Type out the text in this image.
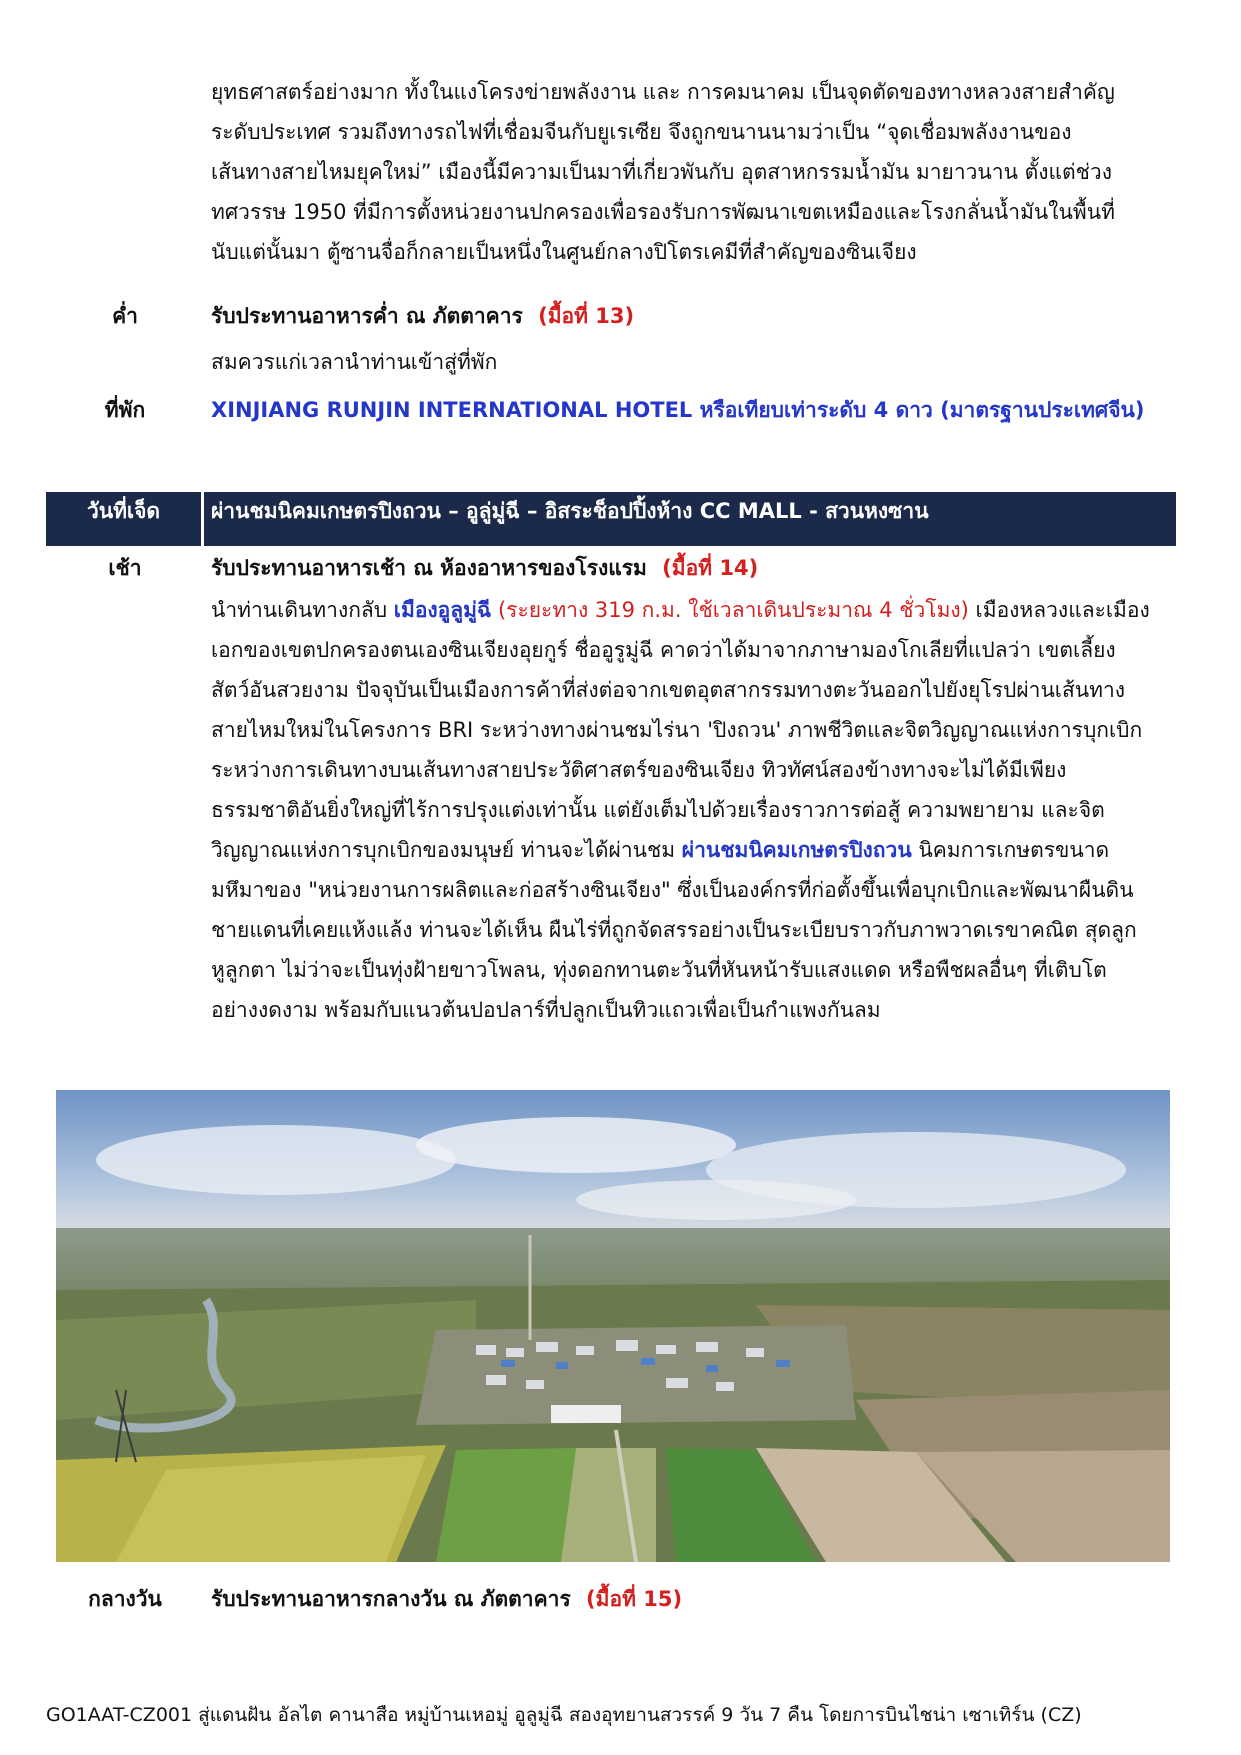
ยุทธศาสตร์อย่างมาก ทั้งในแงโครงข่ายพลังงาน และ การคมนาคม เป็นจุดตัดของทางหลวงสายสำคัญ
ระดับประเทศ รวมถึงทางรถไฟที่เชื่อมจีนกับยูเรเซีย จึงถูกขนานนามว่าเป็น “จุดเชื่อมพลังงานของ
เส้นทางสายไหมยุคใหม่” เมืองนี้มีความเป็นมาที่เกี่ยวพันกับ อุตสาหกรรมน้ำมัน มายาวนาน ตั้งแต่ช่วง
ทศวรรษ 1950 ที่มีการตั้งหน่วยงานปกครองเพื่อรองรับการพัฒนาเขตเหมืองและโรงกลั่นน้ำมันในพื้นที่
นับแต่นั้นมา ตู้ซานจื่อก็กลายเป็นหนึ่งในศูนย์กลางปิโตรเคมีที่สำคัญของซินเจียง
ค่ำ	รับประทานอาหารค่ำ ณ ภัตตาคาร (มื้อที่ 13)
สมควรแก่เวลานำท่านเข้าสู่ที่พัก
ที่พัก	XINJIANG RUNJIN INTERNATIONAL HOTEL หรือเทียบเท่าระดับ 4 ดาว (มาตรฐานประเทศจีน)
วันที่เจ็ด	ผ่านชมนิคมเกษตรปิงถวน – อูลู่มู่ฉี – อิสระช็อปปิ้งห้าง CC MALL - สวนหงซาน
เช้า	รับประทานอาหารเช้า ณ ห้องอาหารของโรงแรม (มื้อที่ 14)
นำท่านเดินทางกลับ เมืองอูลูมู่ฉี (ระยะทาง 319 ก.ม. ใช้เวลาเดินประมาณ 4 ชั่วโมง) เมืองหลวงและเมือง
เอกของเขตปกครองตนเองซินเจียงอุยกูร์ ชื่ออูรูมู่ฉี คาดว่าได้มาจากภาษามองโกเลียที่แปลว่า เขตเลี้ยง
สัตว์อันสวยงาม ปัจจุบันเป็นเมืองการค้าที่ส่งต่อจากเขตอุตสากรรมทางตะวันออกไปยังยุโรปผ่านเส้นทาง
สายไหมใหม่ในโครงการ BRI ระหว่างทางผ่านชมไร่นา 'ปิงถวน' ภาพชีวิตและจิตวิญญาณแห่งการบุกเบิก
ระหว่างการเดินทางบนเส้นทางสายประวัติศาสตร์ของซินเจียง ทิวทัศน์สองข้างทางจะไม่ได้มีเพียง
ธรรมชาติอันยิ่งใหญ่ที่ไร้การปรุงแต่งเท่านั้น แต่ยังเต็มไปด้วยเรื่องราวการต่อสู้ ความพยายาม และจิต
วิญญาณแห่งการบุกเบิกของมนุษย์ ท่านจะได้ผ่านชม ผ่านชมนิคมเกษตรปิงถวน นิคมการเกษตรขนาด
มหึมาของ "หน่วยงานการผลิตและก่อสร้างซินเจียง" ซึ่งเป็นองค์กรที่ก่อตั้งขึ้นเพื่อบุกเบิกและพัฒนาผืนดิน
ชายแดนที่เคยแห้งแล้ง ท่านจะได้เห็น ผืนไร่ที่ถูกจัดสรรอย่างเป็นระเบียบราวกับภาพวาดเรขาคณิต สุดลูก
หูลูกตา ไม่ว่าจะเป็นทุ่งฝ้ายขาวโพลน, ทุ่งดอกทานตะวันที่หันหน้ารับแสงแดด หรือพืชผลอื่นๆ ที่เติบโต
อย่างงดงาม พร้อมกับแนวต้นปอปลาร์ที่ปลูกเป็นทิวแถวเพื่อเป็นกำแพงกันลม
กลางวัน	รับประทานอาหารกลางวัน ณ ภัตตาคาร (มื้อที่ 15)
GO1AAT-CZ001 สู่แดนฝัน อัลไต คานาสือ หมู่บ้านเหอมู่ อูลูมู่ฉี สองอุทยานสวรรค์ 9 วัน 7 คืน โดยการบินไชน่า เซาเทิร์น (CZ)
